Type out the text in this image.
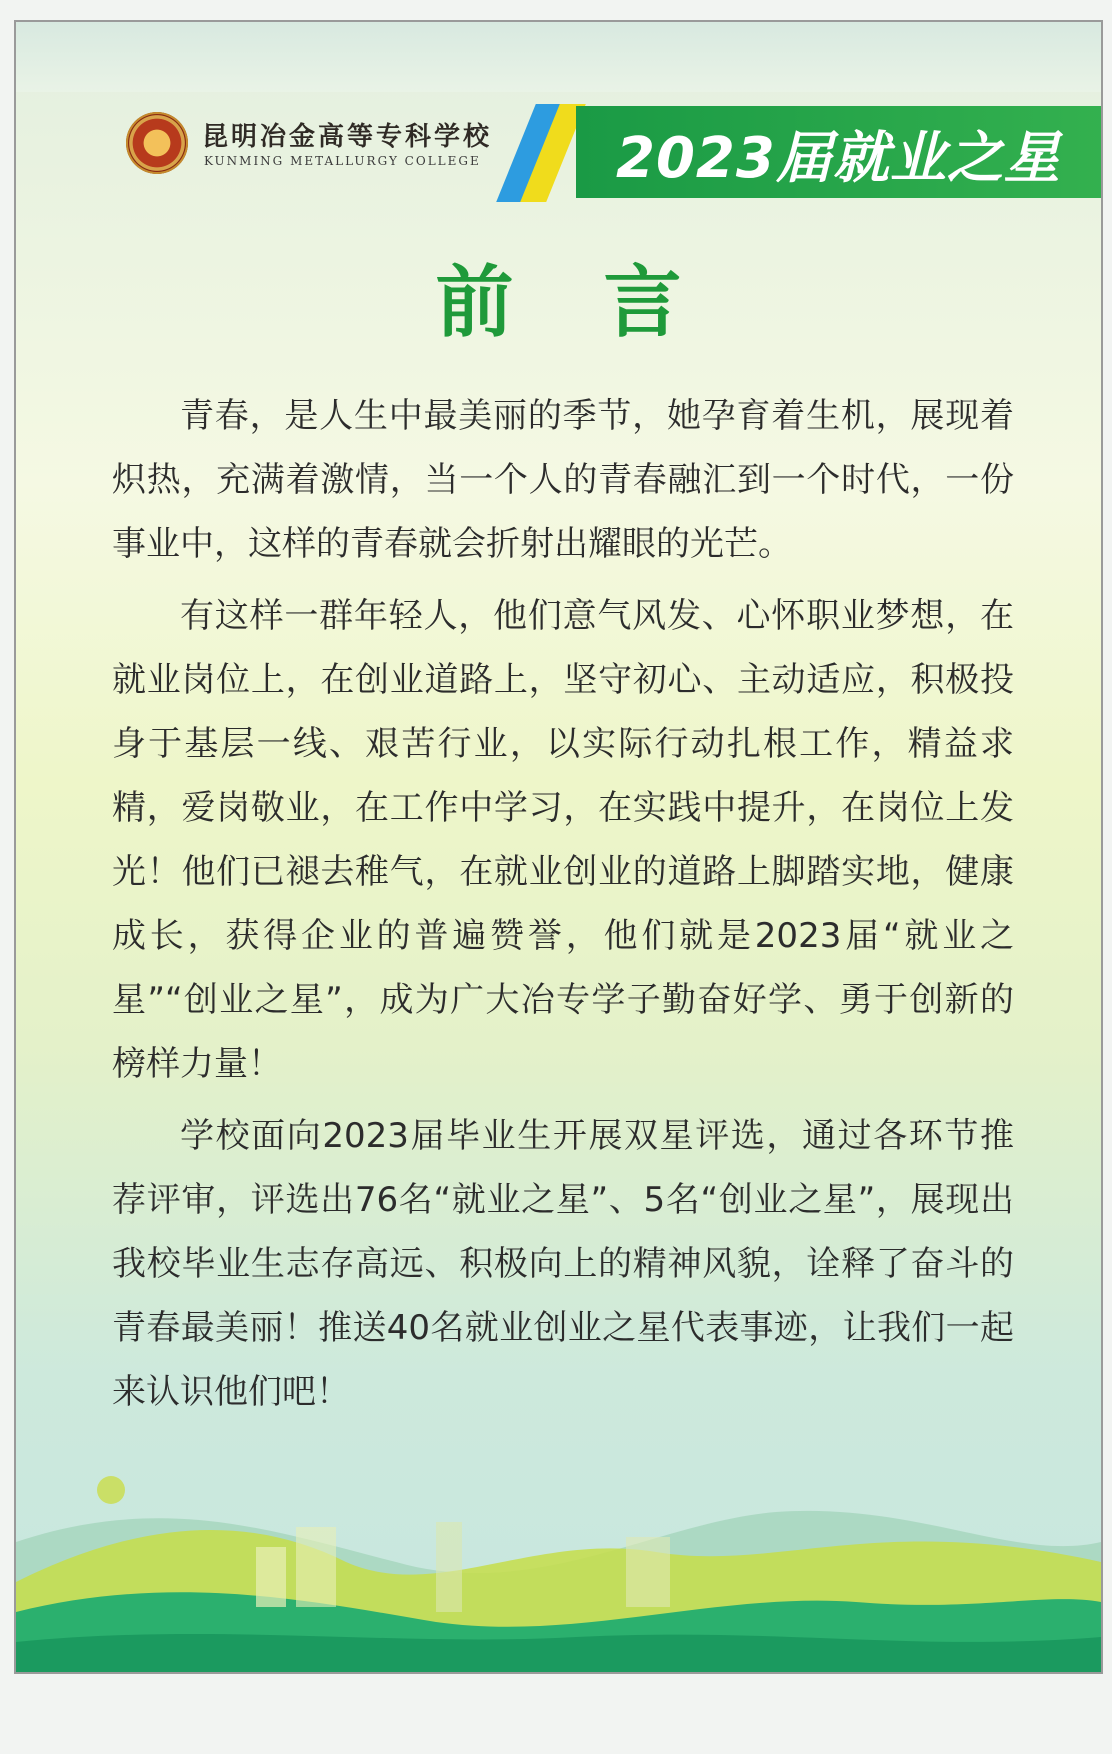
昆明冶金高等专科学校
KUNMING METALLURGY COLLEGE 2023届就业之星
前言

青春，是人生中最美丽的季节，她孕育着生机，展现着炽热，充满着激情，当一个人的青春融汇到一个时代，一份事业中，这样的青春就会折射出耀眼的光芒。

有这样一群年轻人，他们意气风发、心怀职业梦想，在就业岗位上，在创业道路上，坚守初心、主动适应，积极投身于基层一线、艰苦行业，以实际行动扎根工作，精益求精，爱岗敬业，在工作中学习，在实践中提升，在岗位上发光！他们已褪去稚气，在就业创业的道路上脚踏实地，健康成长，获得企业的普遍赞誉，他们就是2023届“就业之星”“创业之星”，成为广大冶专学子勤奋好学、勇于创新的榜样力量！

学校面向2023届毕业生开展双星评选，通过各环节推荐评审，评选出76名“就业之星”、5名“创业之星”，展现出我校毕业生志存高远、积极向上的精神风貌，诠释了奋斗的青春最美丽！推送40名就业创业之星代表事迹，让我们一起来认识他们吧！
